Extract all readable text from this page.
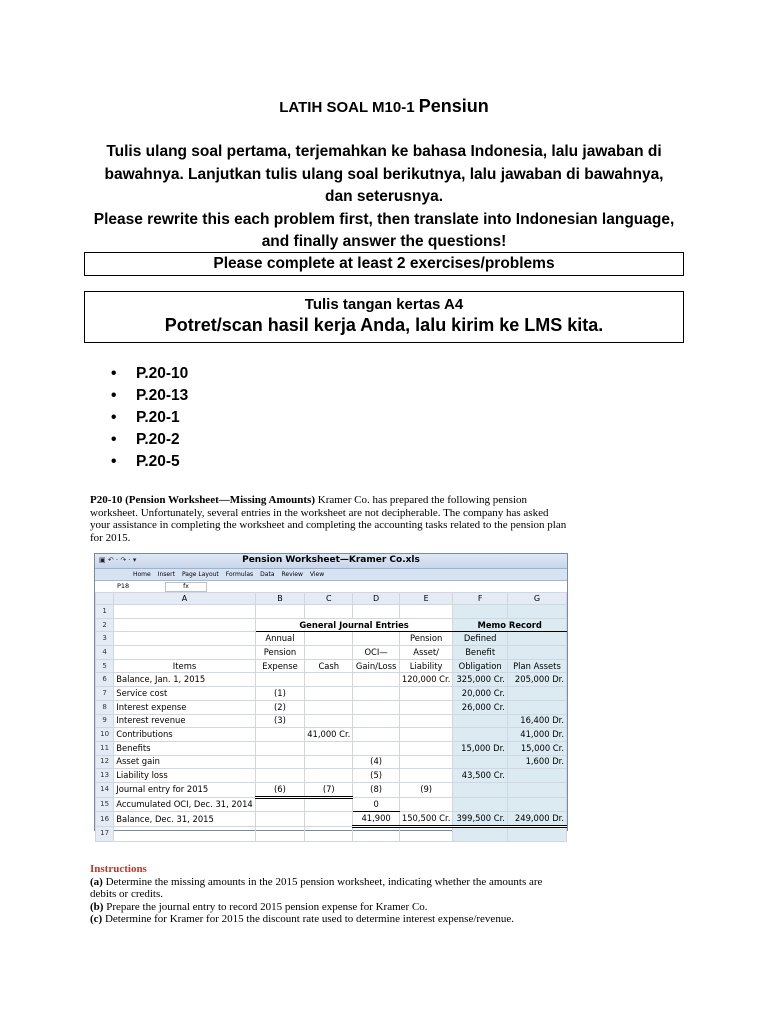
LATIH SOAL M10-1 Pensiun
Tulis ulang soal pertama, terjemahkan ke bahasa Indonesia, lalu jawaban di
bawahnya. Lanjutkan tulis ulang soal berikutnya, lalu jawaban di bawahnya,
dan seterusnya.
Please rewrite this each problem first, then translate into Indonesian language,
and finally answer the questions!
Please complete at least 2 exercises/problems
Tulis tangan kertas A4
Potret/scan hasil kerja Anda, lalu kirim ke LMS kita.
• P.20-10
• P.20-13
• P.20-1
• P.20-2
• P.20-5
P20-10 (Pension Worksheet—Missing Amounts) Kramer Co. has prepared the following pension worksheet. Unfortunately, several entries in the worksheet are not decipherable. The company has asked your assistance in completing the worksheet and completing the accounting tasks related to the pension plan for 2015.
▣ ↶ · ↷ · ▾	Pension Worksheet—Kramer Co.xls
Home Insert Page Layout Formulas Data Review View
P18	fx
	A	B	C	D	E	F	G
1							
2		General Journal Entries				Memo Record	
3		Annual			Pension	Defined	
4		Pension		OCI—	Asset/	Benefit	
5	Items	Expense	Cash	Gain/Loss	Liability	Obligation	Plan Assets
6	Balance, Jan. 1, 2015				120,000 Cr.	325,000 Cr.	205,000 Dr.
7	Service cost	(1)				20,000 Cr.	
8	Interest expense	(2)				26,000 Cr.	
9	Interest revenue	(3)					16,400 Dr.
10	Contributions		41,000 Cr.				41,000 Dr.
11	Benefits					15,000 Dr.	15,000 Cr.
12	Asset gain			(4)			1,600 Dr.
13	Liability loss			(5)		43,500 Cr.	
14	Journal entry for 2015	(6)	(7)	(8)	(9)		
15	Accumulated OCI, Dec. 31, 2014			0			
16	Balance, Dec. 31, 2015			41,900	150,500 Cr.	399,500 Cr.	249,000 Dr.
17							
Instructions
(a) Determine the missing amounts in the 2015 pension worksheet, indicating whether the amounts are debits or credits.
(b) Prepare the journal entry to record 2015 pension expense for Kramer Co.
(c) Determine for Kramer for 2015 the discount rate used to determine interest expense/revenue.
